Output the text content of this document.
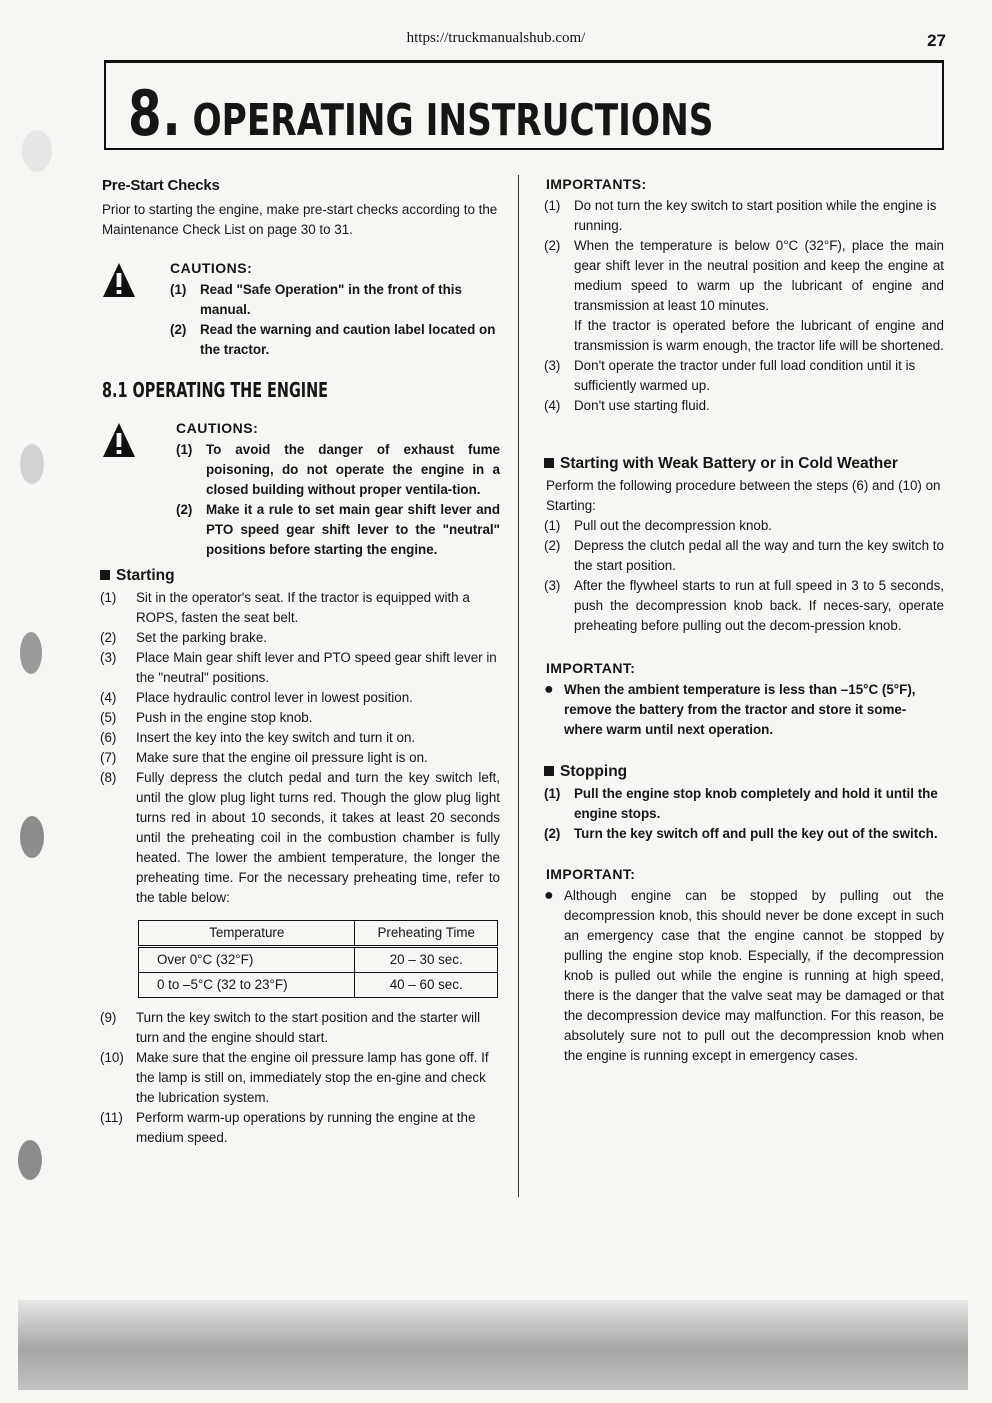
https://truckmanualshub.com/	27
8. OPERATING INSTRUCTIONS
Pre-Start Checks

Prior to starting the engine, make pre-start checks according to the Maintenance Check List on page 30 to 31.

CAUTIONS:
(1)	Read "Safe Operation" in the front of this manual.
(2)	Read the warning and caution label located on the tractor.
8.1 OPERATING THE ENGINE
CAUTIONS:
(1)	To avoid the danger of exhaust fume poisoning, do not operate the engine in a closed building without proper ventila-tion.
(2)	Make it a rule to set main gear shift lever and PTO speed gear shift lever to the "neutral" positions before starting the engine.
Starting
(1)	Sit in the operator's seat. If the tractor is equipped with a ROPS, fasten the seat belt.
(2)	Set the parking brake.
(3)	Place Main gear shift lever and PTO speed gear shift lever in the "neutral" positions.
(4)	Place hydraulic control lever in lowest position.
(5)	Push in the engine stop knob.
(6)	Insert the key into the key switch and turn it on.
(7)	Make sure that the engine oil pressure light is on.
(8)	Fully depress the clutch pedal and turn the key switch left, until the glow plug light turns red. Though the glow plug light turns red in about 10 seconds, it takes at least 20 seconds until the preheating coil in the combustion chamber is fully heated. The lower the ambient temperature, the longer the preheating time. For the necessary preheating time, refer to the table below:
Temperature	Preheating Time
Over 0°C (32°F)	20 – 30 sec.
0 to –5°C (32 to 23°F)	40 – 60 sec.
(9)	Turn the key switch to the start position and the starter will turn and the engine should start.
(10) Make sure that the engine oil pressure lamp has gone off. If the lamp is still on, immediately stop the en-gine and check the lubrication system.
(11) Perform warm-up operations by running the engine at the medium speed.
IMPORTANTS:
(1)	Do not turn the key switch to start position while the engine is running.
(2)	When the temperature is below 0°C (32°F), place the main gear shift lever in the neutral position and keep the engine at medium speed to warm up the lubricant of engine and transmission at least 10 minutes.
If the tractor is operated before the lubricant of engine and transmission is warm enough, the tractor life will be shortened.
(3)	Don't operate the tractor under full load condition until it is sufficiently warmed up.
(4)	Don't use starting fluid.
Starting with Weak Battery or in Cold Weather

Perform the following procedure between the steps (6) and (10) on Starting:

(1)	Pull out the decompression knob.
(2)	Depress the clutch pedal all the way and turn the key switch to the start position.
(3)	After the flywheel starts to run at full speed in 3 to 5 seconds, push the decompression knob back. If neces-sary, operate preheating before pulling out the decom-pression knob.
IMPORTANT:
● When the ambient temperature is less than –15°C (5°F), remove the battery from the tractor and store it some-where warm until next operation.
Stopping
(1)	Pull the engine stop knob completely and hold it until the engine stops.
(2)	Turn the key switch off and pull the key out of the switch.
IMPORTANT:
● Although engine can be stopped by pulling out the decompression knob, this should never be done except in such an emergency case that the engine cannot be stopped by pulling the engine stop knob. Especially, if the decompression knob is pulled out while the engine is running at high speed, there is the danger that the valve seat may be damaged or that the decompression device may malfunction. For this reason, be absolutely sure not to pull out the decompression knob when the engine is running except in emergency cases.
